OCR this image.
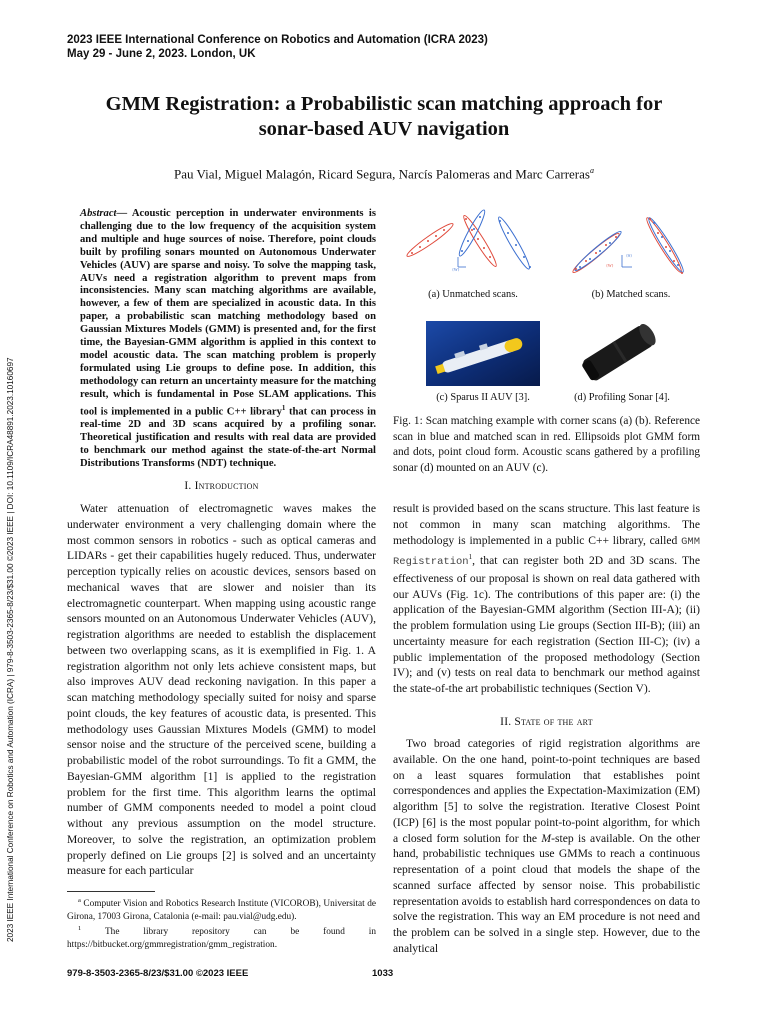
2023 IEEE International Conference on Robotics and Automation (ICRA 2023)
May 29 - June 2, 2023. London, UK
2023 IEEE International Conference on Robotics and Automation (ICRA) | 979-8-3503-2365-8/23/$31.00 ©2023 IEEE | DOI: 10.1109/ICRA48891.2023.10160697
GMM Registration: a Probabilistic scan matching approach for
sonar-based AUV navigation
Pau Vial, Miguel Malagón, Ricard Segura, Narcís Palomeras and Marc Carreras$^a$
Abstract— Acoustic perception in underwater environments is challenging due to the low frequency of the acquisition system and multiple and huge sources of noise. Therefore, point clouds built by profiling sonars mounted on Autonomous Underwater Vehicles (AUV) are sparse and noisy. To solve the mapping task, AUVs need a registration algorithm to prevent maps from inconsistencies. Many scan matching algorithms are available, however, a few of them are specialized in acoustic data. In this paper, a probabilistic scan matching methodology based on Gaussian Mixtures Models (GMM) is presented and, for the first time, the Bayesian-GMM algorithm is applied in this context to model acoustic data. The scan matching problem is properly formulated using Lie groups to define pose. In addition, this methodology can return an uncertainty measure for the matching result, which is fundamental in Pose SLAM applications. This tool is implemented in a public C++ library$^1$ that can process in real-time 2D and 3D scans acquired by a profiling sonar. Theoretical justification and results with real data are provided to benchmark our method against the state-of-the-art Normal Distributions Transforms (NDT) technique.
I. Introduction

Water attenuation of electromagnetic waves makes the underwater environment a very challenging domain where the most common sensors in robotics - such as optical cameras and LIDARs - get their capabilities hugely reduced. Thus, underwater perception typically relies on acoustic devices, sensors based on mechanical waves that are slower and noisier than its electromagnetic counterpart. When mapping using acoustic range sensors mounted on an Autonomous Underwater Vehicles (AUV), registration algorithms are needed to establish the displacement between two overlapping scans, as it is exemplified in Fig. 1. A registration algorithm not only lets achieve consistent maps, but also improves AUV dead reckoning navigation. In this paper a scan matching methodology specially suited for noisy and sparse point clouds, the key features of acoustic data, is presented. This methodology uses Gaussian Mixtures Models (GMM) to model sensor noise and the structure of the perceived scene, building a probabilistic model of the robot surroundings. To fit a GMM, the Bayesian-GMM algorithm [1] is applied to the registration problem for the first time. This algorithm learns the optimal number of GMM components needed to model a point cloud without any previous assumption on the model structure. Moreover, to solve the registration, an optimization problem properly defined on Lie groups [2] is solved and an uncertainty measure for each particular

$^a$ Computer Vision and Robotics Research Institute (VICOROB), Universitat de Girona, 17003 Girona, Catalonia (e-mail: pau.vial@udg.edu).

$^1$	The library repository can be found in https://bitbucket.org/gmmregistration/gmm_registration.

{W}
(a) Unmatched scans.
{W}
{S}
(b) Matched scans.
(c) Sparus II AUV [3].	(d) Profiling Sonar [4].
Fig. 1: Scan matching example with corner scans (a) (b). Reference scan in blue and matched scan in red. Ellipsoids plot GMM form and dots, point cloud form. Acoustic scans gathered by a profiling sonar (d) mounted on an AUV (c).

result is provided based on the scans structure. This last feature is not common in many scan matching algorithms. The methodology is implemented in a public C++ library, called GMM Registration$^1$, that can register both 2D and 3D scans. The effectiveness of our proposal is shown on real data gathered with our AUVs (Fig. 1c). The contributions of this paper are: (i) the application of the Bayesian-GMM algorithm (Section III-A); (ii) the problem formulation using Lie groups (Section III-B); (iii) an uncertainty measure for each registration (Section III-C); (iv) a public implementation of the proposed methodology (Section IV); and (v) tests on real data to benchmark our method against the state-of-the art probabilistic techniques (Section V).

II. State of the art

Two broad categories of rigid registration algorithms are available. On the one hand, point-to-point techniques are based on a least squares formulation that establishes point correspondences and applies the Expectation-Maximization (EM) algorithm [5] to solve the registration. Iterative Closest Point (ICP) [6] is the most popular point-to-point algorithm, for which a closed form solution for the M-step is available. On the other hand, probabilistic techniques use GMMs to reach a continuous representation of a point cloud that models the shape of the scanned surface affected by sensor noise. This probabilistic representation avoids to establish hard correspondences on data to solve the registration. This way an EM procedure is not need and the problem can be solved in a single step. However, due to the analytical

979-8-3503-2365-8/23/$31.00 ©2023 IEEE	1033
